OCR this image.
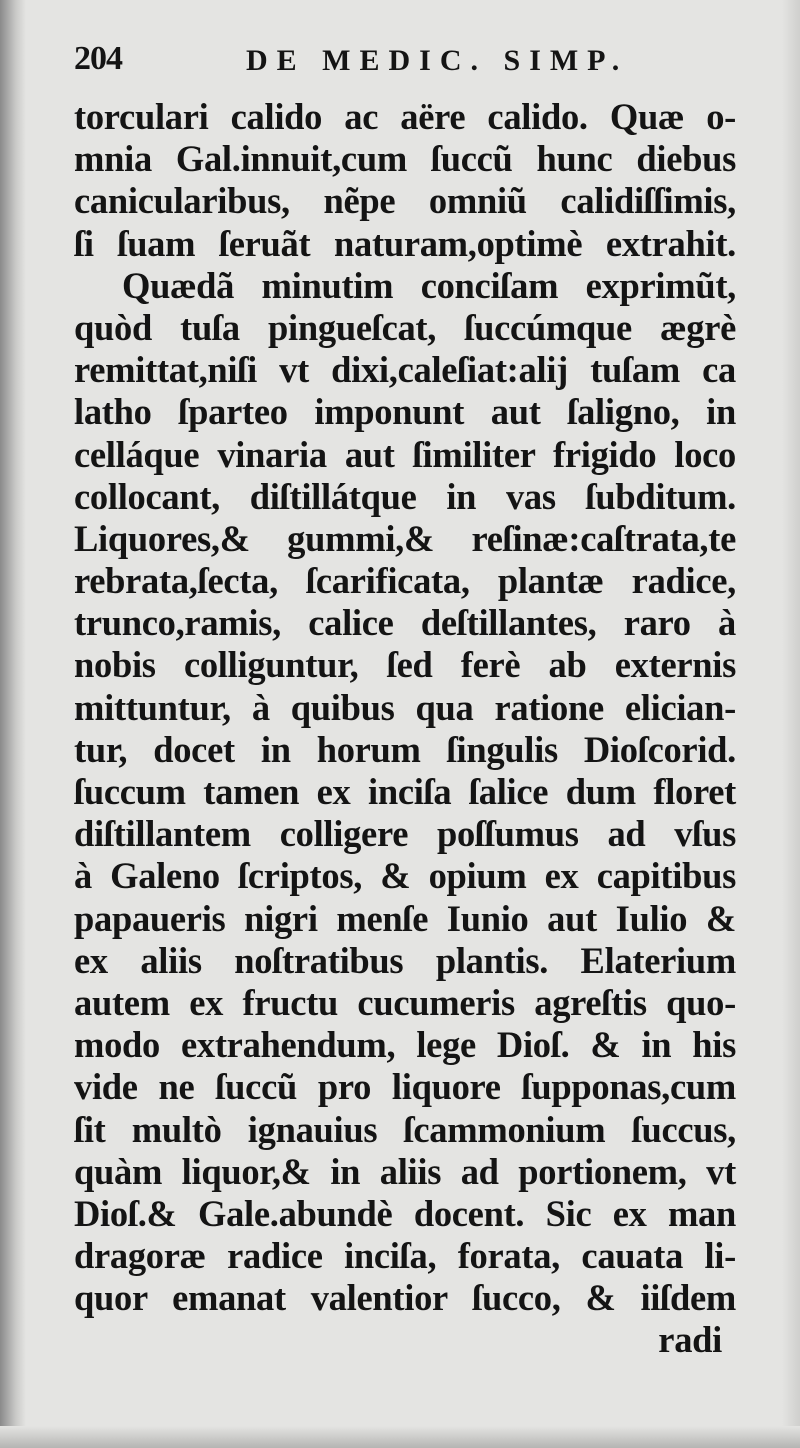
204	DE MEDIC. SIMP.
torculari calido ac aëre calido. Quæ o-
mnia Gal.innuit,cum ſuccũ hunc diebus
canicularibus, nẽpe omniũ calidiſſimis,
ſi ſuam ſeruãt naturam,optimè extrahit.
Quædã minutim conciſam exprimũt,
quòd tuſa pingueſcat, ſuccúmque ægrè
remittat,niſi vt dixi,caleſiat:alij tuſam ca
latho ſparteo imponunt aut ſaligno, in
celláque vinaria aut ſimiliter frigido loco
collocant, diſtillátque in vas ſubditum.
Liquores,& gummi,& reſinæ:caſtrata,te
rebrata,ſecta, ſcarificata, plantæ radice,
trunco,ramis, calice deſtillantes, raro à
nobis colliguntur, ſed ferè ab externis
mittuntur, à quibus qua ratione elician-
tur, docet in horum ſingulis Dioſcorid.
ſuccum tamen ex inciſa ſalice dum floret
diſtillantem colligere poſſumus ad vſus
à Galeno ſcriptos, & opium ex capitibus
papaueris nigri menſe Iunio aut Iulio &
ex aliis noſtratibus plantis. Elaterium
autem ex fructu cucumeris agreſtis quo-
modo extrahendum, lege Dioſ. & in his
vide ne ſuccũ pro liquore ſupponas,cum
ſit multò ignauius ſcammonium ſuccus,
quàm liquor,& in aliis ad portionem, vt
Dioſ.& Gale.abundè docent. Sic ex man
dragoræ radice inciſa, forata, cauata li-
quor emanat valentior ſucco, & iiſdem
radi
